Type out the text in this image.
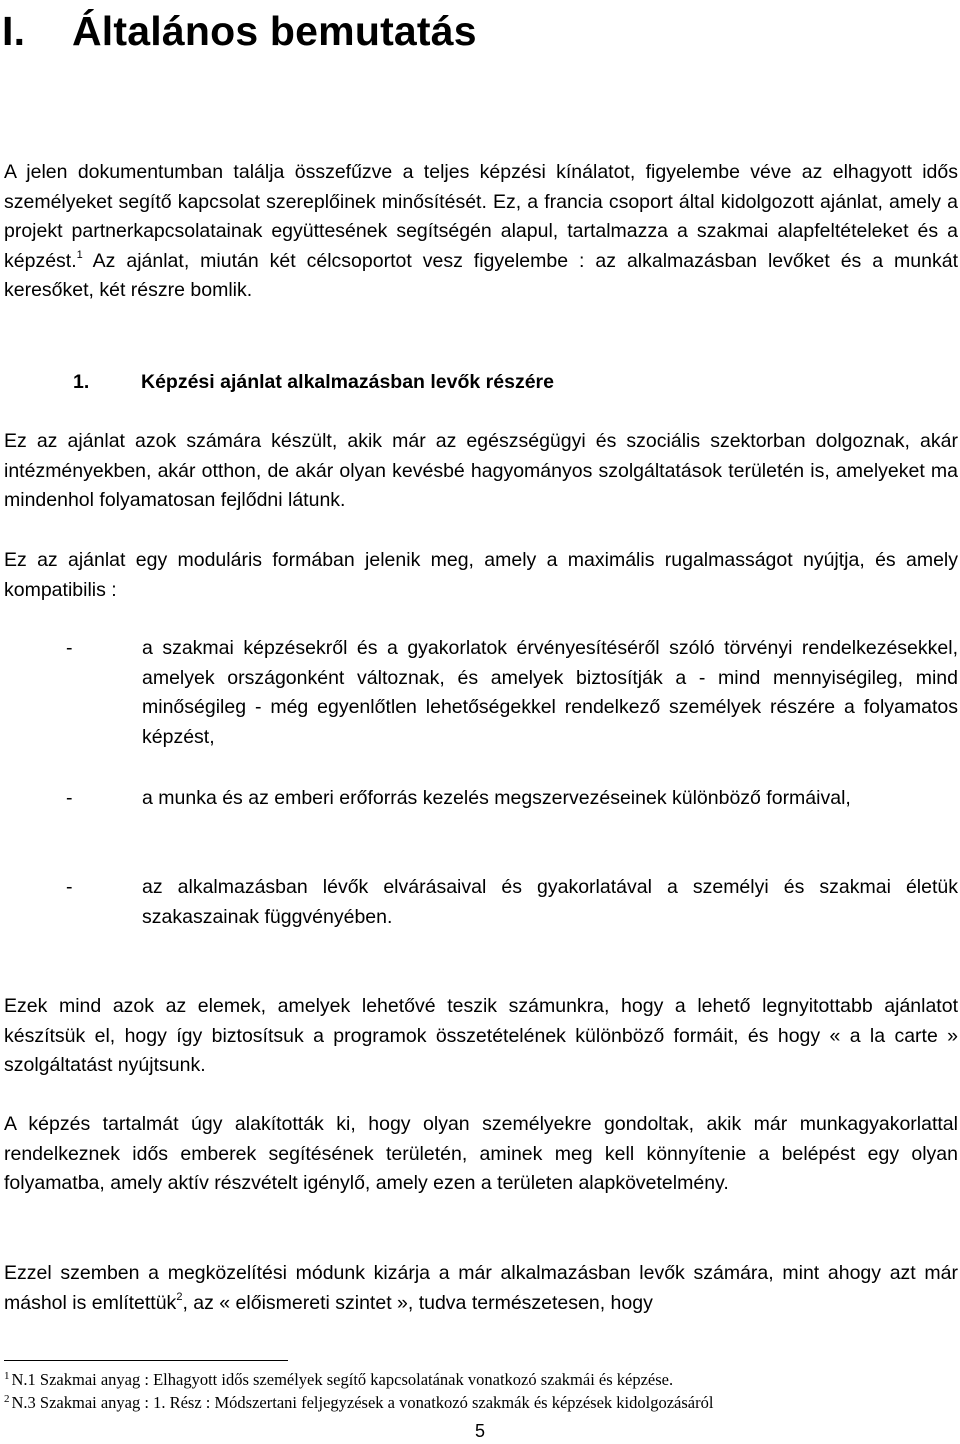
I. Általános bemutatás

A jelen dokumentumban találja összefűzve a teljes képzési kínálatot, figyelembe véve az elhagyott idős személyeket segítő kapcsolat szereplőinek minősítését. Ez, a francia csoport által kidolgozott ajánlat, amely a projekt partnerkapcsolatainak együttesének segítségén alapul, tartalmazza a szakmai alapfeltételeket és a képzést.$^1$ Az ajánlat, miután két célcsoportot vesz figyelembe : az alkalmazásban levőket és a munkát keresőket, két részre bomlik.

1.	Képzési ajánlat alkalmazásban levők részére

Ez az ajánlat azok számára készült, akik már az egészségügyi és szociális szektorban dolgoznak, akár intézményekben, akár otthon, de akár olyan kevésbé hagyományos szolgáltatások területén is, amelyeket ma mindenhol folyamatosan fejlődni látunk.

Ez az ajánlat egy moduláris formában jelenik meg, amely a maximális rugalmasságot nyújtja, és amely kompatibilis :

-	a szakmai képzésekről és a gyakorlatok érvényesítéséről szóló törvényi rendelkezésekkel, amelyek országonként változnak, és amelyek biztosítják a - mind mennyiségileg, mind minőségileg - még egyenlőtlen lehetőségekkel rendelkező személyek részére a folyamatos képzést,

-	a munka és az emberi erőforrás kezelés megszervezéseinek különböző formáival,

-	az alkalmazásban lévők elvárásaival és gyakorlatával a személyi és szakmai életük szakaszainak függvényében.

Ezek mind azok az elemek, amelyek lehetővé teszik számunkra, hogy a lehető legnyitottabb ajánlatot készítsük el, hogy így biztosítsuk a programok összetételének különböző formáit, és hogy « a la carte » szolgáltatást nyújtsunk.

A képzés tartalmát úgy alakították ki, hogy olyan személyekre gondoltak, akik már munkagyakorlattal rendelkeznek idős emberek segítésének területén, aminek meg kell könnyítenie a belépést egy olyan folyamatba, amely aktív részvételt igénylő, amely ezen a területen alapkövetelmény.

Ezzel szemben a megközelítési módunk kizárja a már alkalmazásban levők számára, mint ahogy azt már máshol is említettük$^2$, az « előismereti szintet », tudva természetesen, hogy

$^1$ N.1 Szakmai anyag : Elhagyott idős személyek segítő kapcsolatának vonatkozó szakmái és képzése.

$^2$ N.3 Szakmai anyag : 1. Rész : Módszertani feljegyzések a vonatkozó szakmák és képzések kidolgozásáról

5
